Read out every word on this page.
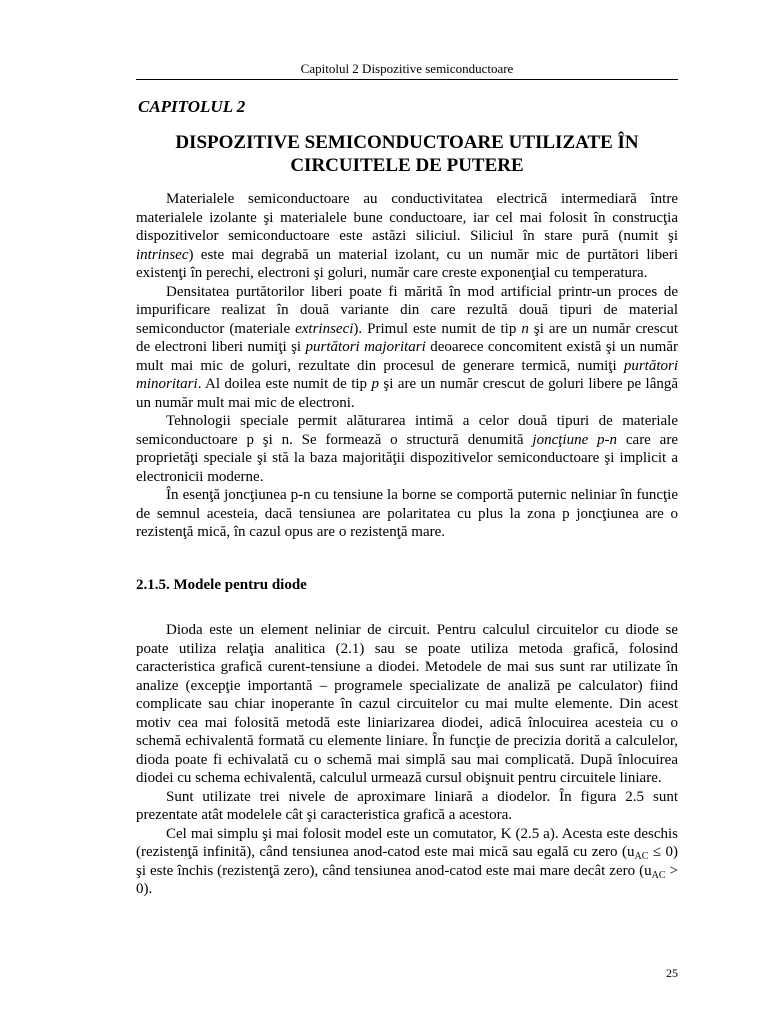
Capitolul 2 Dispozitive semiconductoare
CAPITOLUL 2
DISPOZITIVE SEMICONDUCTOARE UTILIZATE ÎN CIRCUITELE DE PUTERE

Materialele semiconductoare au conductivitatea electrică intermediară între materialele izolante şi materialele bune conductoare, iar cel mai folosit în construcţia dispozitivelor semiconductoare este astăzi siliciul. Siliciul în stare pură (numit şi intrinsec) este mai degrabă un material izolant, cu un număr mic de purtători liberi existenţi în perechi, electroni şi goluri, număr care creste exponenţial cu temperatura.

Densitatea purtătorilor liberi poate fi mărită în mod artificial printr-un proces de impurificare realizat în două variante din care rezultă două tipuri de material semiconductor (materiale extrinseci). Primul este numit de tip n şi are un număr crescut de electroni liberi numiţi şi purtători majoritari deoarece concomitent există şi un număr mult mai mic de goluri, rezultate din procesul de generare termică, numiţi purtători minoritari. Al doilea este numit de tip p şi are un număr crescut de goluri libere pe lângă un număr mult mai mic de electroni.

Tehnologii speciale permit alăturarea intimă a celor două tipuri de materiale semiconductoare p şi n. Se formează o structură denumită joncţiune p-n care are proprietăţi speciale şi stă la baza majorităţii dispozitivelor semiconductoare şi implicit a electronicii moderne.

În esenţă joncţiunea p-n cu tensiune la borne se comportă puternic neliniar în funcţie de semnul acesteia, dacă tensiunea are polaritatea cu plus la zona p joncţiunea are o rezistenţă mică, în cazul opus are o rezistenţă mare.

2.1.5. Modele pentru diode

Dioda este un element neliniar de circuit. Pentru calculul circuitelor cu diode se poate utiliza relaţia analitica (2.1) sau se poate utiliza metoda grafică, folosind caracteristica grafică curent-tensiune a diodei. Metodele de mai sus sunt rar utilizate în analize (excepţie importantă – programele specializate de analiză pe calculator) fiind complicate sau chiar inoperante în cazul circuitelor cu mai multe elemente. Din acest motiv cea mai folosită metodă este liniarizarea diodei, adică înlocuirea acesteia cu o schemă echivalentă formată cu elemente liniare. În funcţie de precizia dorită a calculelor, dioda poate fi echivalată cu o schemă mai simplă sau mai complicată. După înlocuirea diodei cu schema echivalentă, calculul urmează cursul obişnuit pentru circuitele liniare.

Sunt utilizate trei nivele de aproximare liniară a diodelor. În figura 2.5 sunt prezentate atât modelele cât şi caracteristica grafică a acestora.

Cel mai simplu şi mai folosit model este un comutator, K (2.5 a). Acesta este deschis (rezistenţă infinită), când tensiunea anod-catod este mai mică sau egală cu zero $(u_{AC} \le 0)$ şi este închis (rezistenţă zero), când tensiunea anod-catod este mai mare decât zero $(u_{AC} > 0)$.

25
